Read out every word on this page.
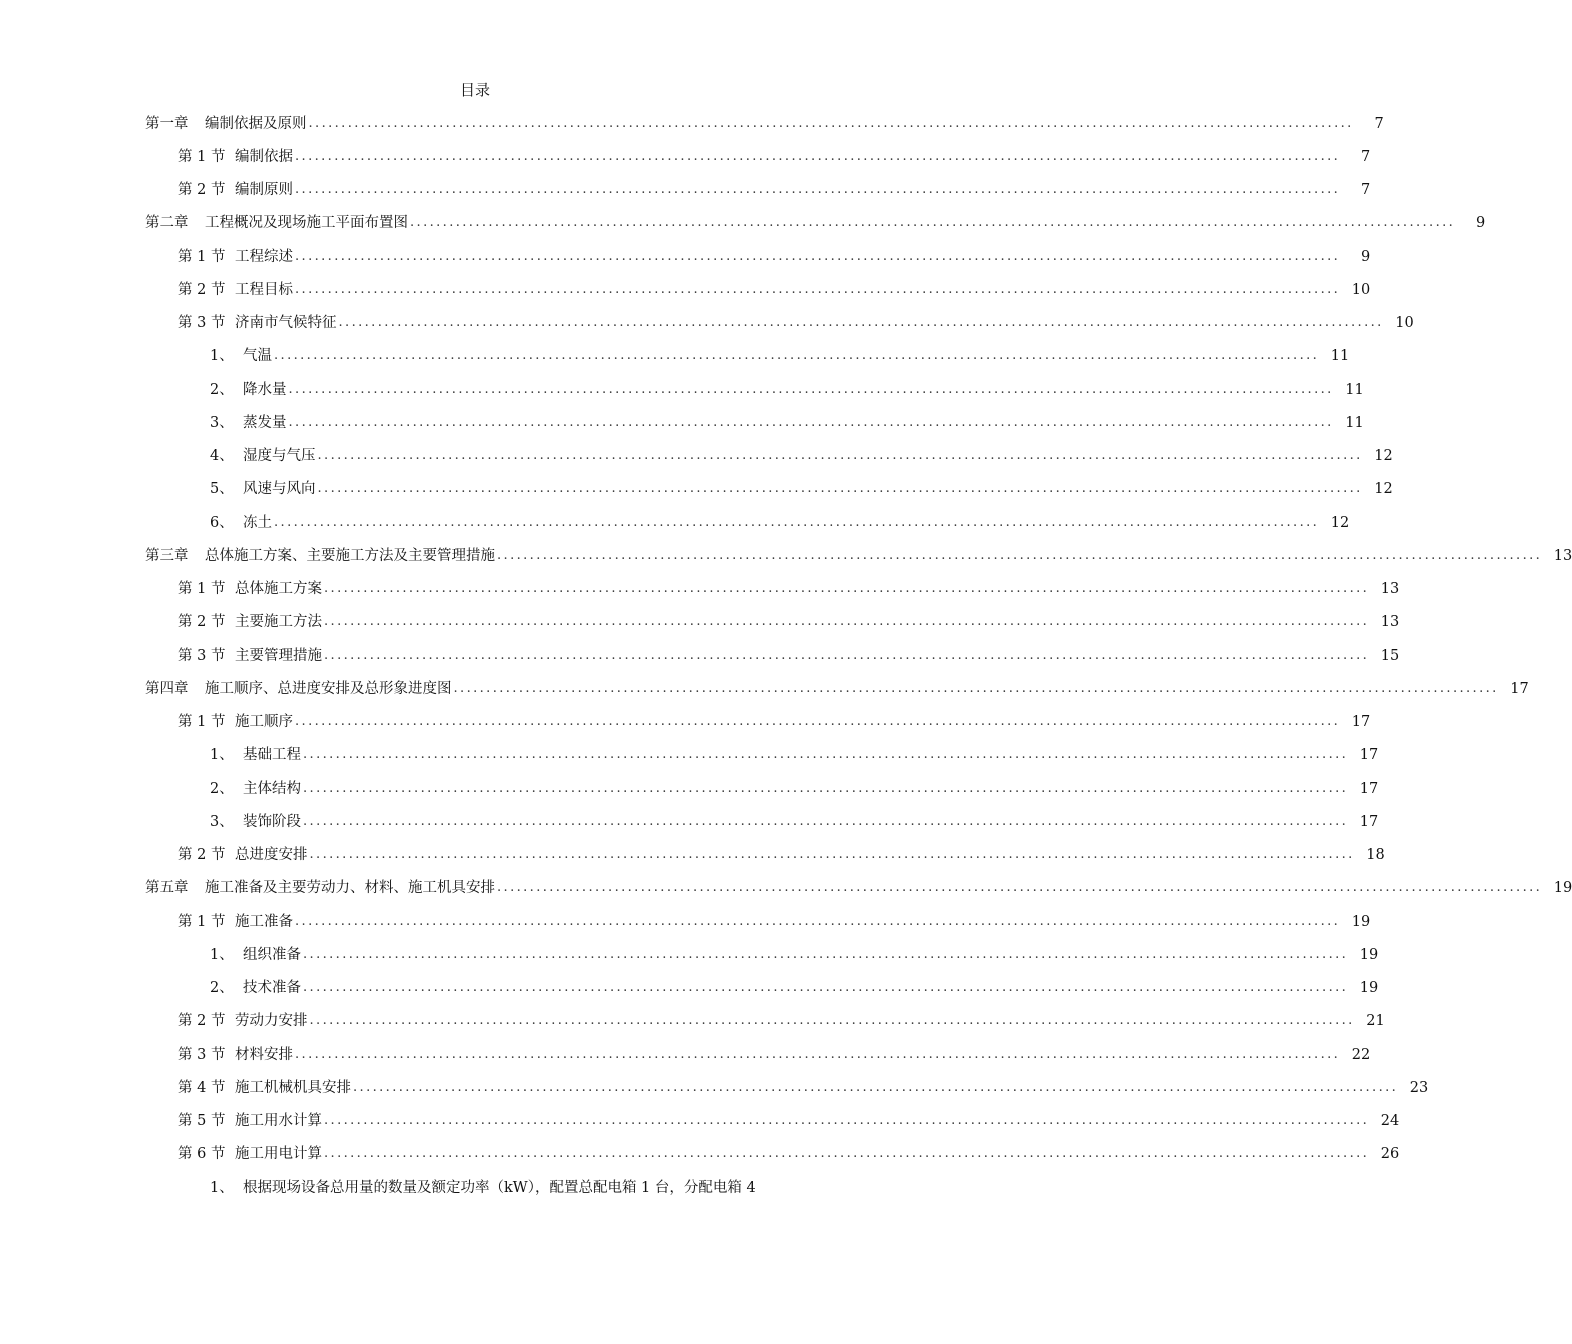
目录
第一章	编制依据及原则 ................................................................................................................................................................	7
第 1 节 编制依据 ................................................................................................................................................................	7
第 2 节 编制原则 ................................................................................................................................................................	7
第二章	工程概况及现场施工平面布置图 ................................................................................................................................................................	9
第 1 节 工程综述 ................................................................................................................................................................	9
第 2 节 工程目标 ................................................................................................................................................................ 10
第 3 节 济南市气候特征 ................................................................................................................................................................ 10
1、 气温 ................................................................................................................................................................ 11
2、 降水量 ................................................................................................................................................................ 11
3、 蒸发量 ................................................................................................................................................................ 11
4、 湿度与气压 ................................................................................................................................................................ 12
5、 风速与风向 ................................................................................................................................................................ 12
6、 冻土 ................................................................................................................................................................ 12
第三章	总体施工方案、主要施工方法及主要管理措施 ................................................................................................................................................................ 13
第 1 节 总体施工方案 ................................................................................................................................................................ 13
第 2 节 主要施工方法 ................................................................................................................................................................ 13
第 3 节 主要管理措施 ................................................................................................................................................................ 15
第四章	施工顺序、总进度安排及总形象进度图 ................................................................................................................................................................ 17
第 1 节 施工顺序 ................................................................................................................................................................ 17
1、 基础工程 ................................................................................................................................................................ 17
2、 主体结构 ................................................................................................................................................................ 17
3、 装饰阶段 ................................................................................................................................................................ 17
第 2 节 总进度安排 ................................................................................................................................................................ 18
第五章	施工准备及主要劳动力、材料、施工机具安排 ................................................................................................................................................................ 19
第 1 节 施工准备 ................................................................................................................................................................ 19
1、 组织准备 ................................................................................................................................................................ 19
2、 技术准备 ................................................................................................................................................................ 19
第 2 节 劳动力安排 ................................................................................................................................................................ 21
第 3 节 材料安排 ................................................................................................................................................................ 22
第 4 节 施工机械机具安排 ................................................................................................................................................................ 23
第 5 节 施工用水计算 ................................................................................................................................................................ 24
第 6 节 施工用电计算 ................................................................................................................................................................ 26
1、 根据现场设备总用量的数量及额定功率（kW），配置总配电箱 1 台，分配电箱 4
